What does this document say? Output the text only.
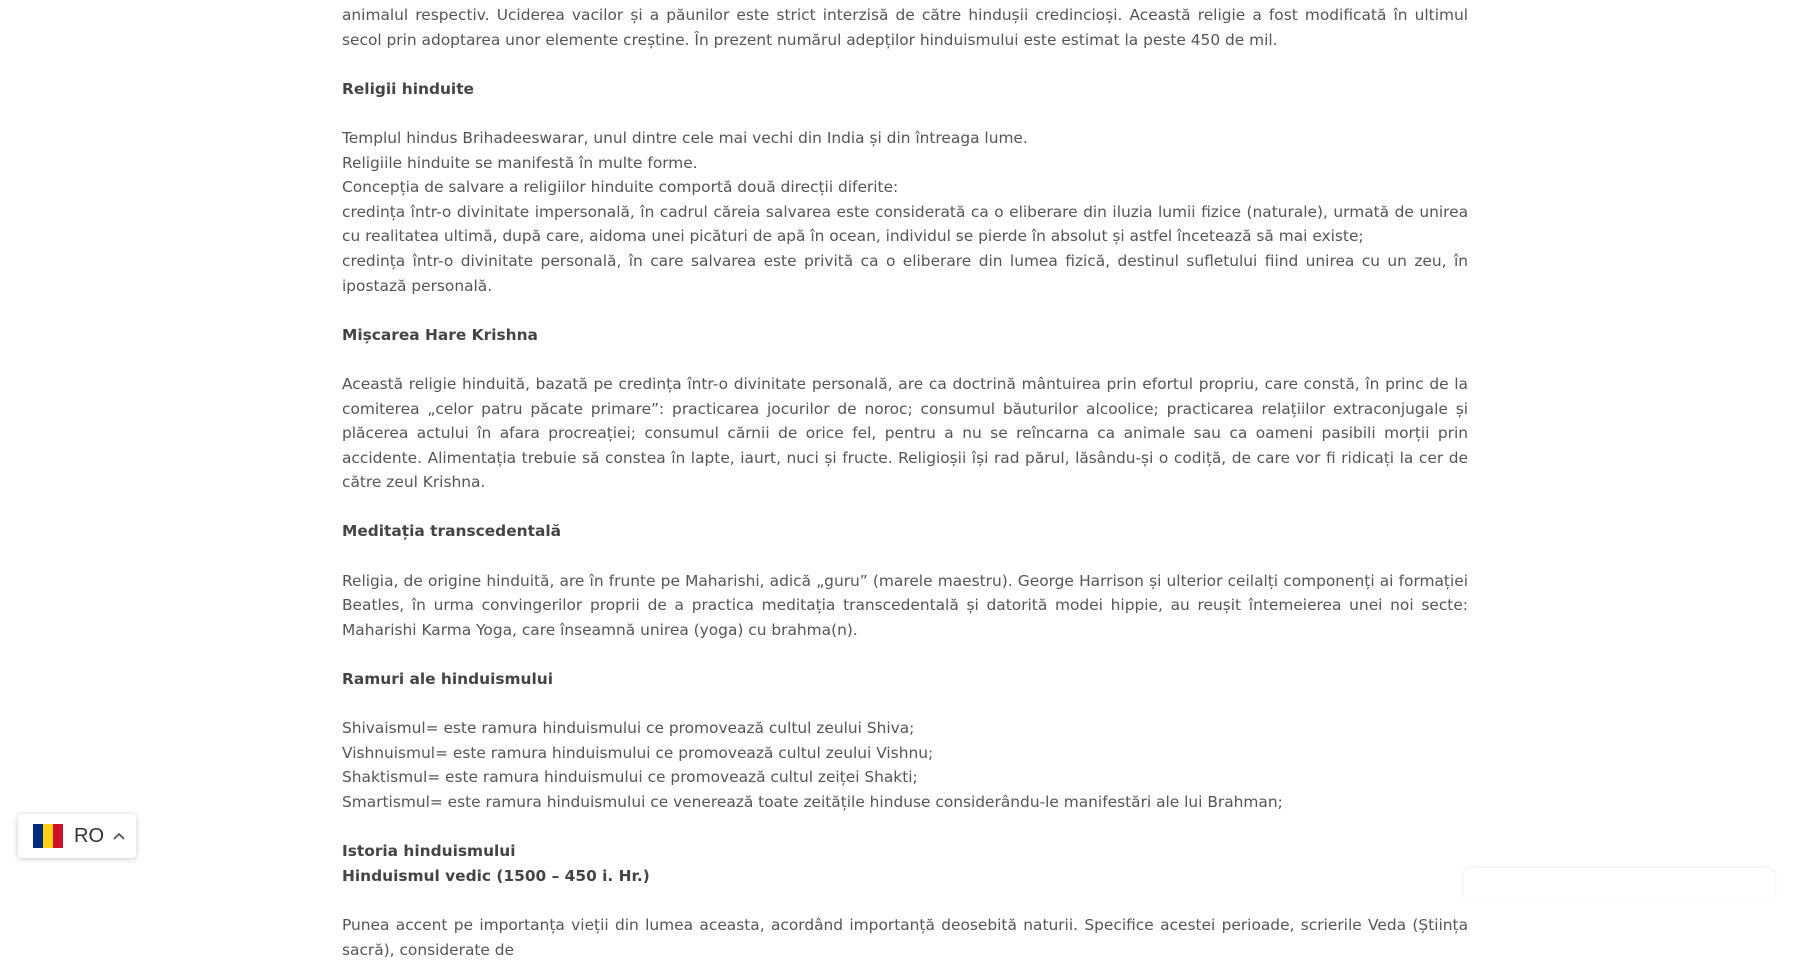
animalul respectiv. Uciderea vacilor și a păunilor este strict interzisă de către hindușii credincioși. Această religie a fost modificată în ultimul secol prin adoptarea unor elemente creștine. În prezent numărul adepților hinduismului este estimat la peste 450 de mil.

Religii hinduite

Templul hindus Brihadeeswarar, unul dintre cele mai vechi din India și din întreaga lume.
Religiile hinduite se manifestă în multe forme.
Concepția de salvare a religiilor hinduite comportă două direcții diferite:
credința într-o divinitate impersonală, în cadrul căreia salvarea este considerată ca o eliberare din iluzia lumii fizice (naturale), urmată de unirea cu realitatea ultimă, după care, aidoma unei picături de apă în ocean, individul se pierde în absolut și astfel încetează să mai existe;
credința într-o divinitate personală, în care salvarea este privită ca o eliberare din lumea fizică, destinul sufletului fiind unirea cu un zeu, în ipostază personală.

Mișcarea Hare Krishna

Această religie hinduită, bazată pe credința într-o divinitate personală, are ca doctrină mântuirea prin efortul propriu, care constă, în princ de la comiterea „celor patru păcate primare”: practicarea jocurilor de noroc; consumul băuturilor alcoolice; practicarea relațiilor extraconjugale și plăcerea actului în afara procreației; consumul cărnii de orice fel, pentru a nu se reîncarna ca animale sau ca oameni pasibili morții prin accidente. Alimentația trebuie să constea în lapte, iaurt, nuci și fructe. Religioșii își rad părul, lăsându-și o codiță, de care vor fi ridicați la cer de către zeul Krishna.

Meditația transcedentală

Religia, de origine hinduită, are în frunte pe Maharishi, adică „guru” (marele maestru). George Harrison și ulterior ceilalți componenți ai formației Beatles, în urma convingerilor proprii de a practica meditația transcedentală și datorită modei hippie, au reușit întemeierea unei noi secte: Maharishi Karma Yoga, care înseamnă unirea (yoga) cu brahma(n).

Ramuri ale hinduismului

Shivaismul= este ramura hinduismului ce promovează cultul zeului Shiva;
Vishnuismul= este ramura hinduismului ce promovează cultul zeului Vishnu;
Shaktismul= este ramura hinduismului ce promovează cultul zeiței Shakti;
Smartismul= este ramura hinduismului ce venerează toate zeitățile hinduse considerându-le manifestări ale lui Brahman;

Istoria hinduismului

Hinduismul vedic (1500 – 450 i. Hr.)

Punea accent pe importanța vieții din lumea aceasta, acordând importanță deosebită naturii. Specifice acestei perioade, scrierile Veda (Știința sacră), considerate de

RO
